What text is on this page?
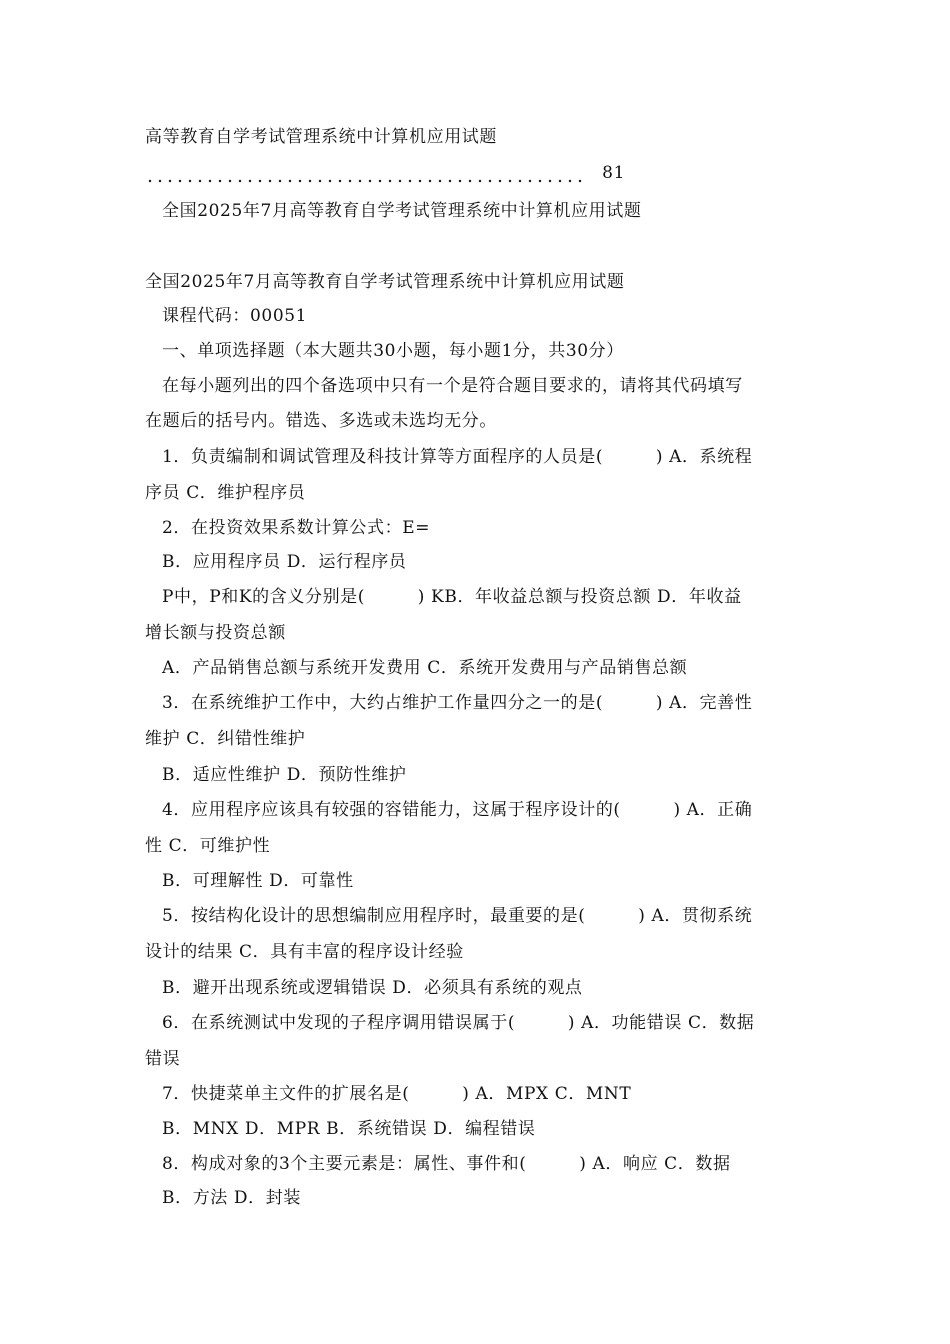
高等教育自学考试管理系统中计算机应用试题
81
全国2025年7月高等教育自学考试管理系统中计算机应用试题
全国2025年7月高等教育自学考试管理系统中计算机应用试题
课程代码：00051
一、单项选择题（本大题共30小题，每小题1分，共30分）
在每小题列出的四个备选项中只有一个是符合题目要求的，请将其代码填写
在题后的括号内。错选、多选或未选均无分。
1．负责编制和调试管理及科技计算等方面程序的人员是(　　　) A．系统程
序员 C．维护程序员
2．在投资效果系数计算公式：E=
B．应用程序员 D．运行程序员
P中，P和K的含义分别是(　　　) KB．年收益总额与投资总额 D．年收益
增长额与投资总额
A．产品销售总额与系统开发费用 C．系统开发费用与产品销售总额
3．在系统维护工作中，大约占维护工作量四分之一的是(　　　) A．完善性
维护 C．纠错性维护
B．适应性维护 D．预防性维护
4．应用程序应该具有较强的容错能力，这属于程序设计的(　　　) A．正确
性 C．可维护性
B．可理解性 D．可靠性
5．按结构化设计的思想编制应用程序时，最重要的是(　　　) A．贯彻系统
设计的结果 C．具有丰富的程序设计经验
B．避开出现系统或逻辑错误 D．必须具有系统的观点
6．在系统测试中发现的子程序调用错误属于(　　　) A．功能错误 C．数据
错误
7．快捷菜单主文件的扩展名是(　　　) A．MPX C．MNT
B．MNX D．MPR B．系统错误 D．编程错误
8．构成对象的3个主要元素是：属性、事件和(　　　) A．响应 C．数据
B．方法 D．封装
